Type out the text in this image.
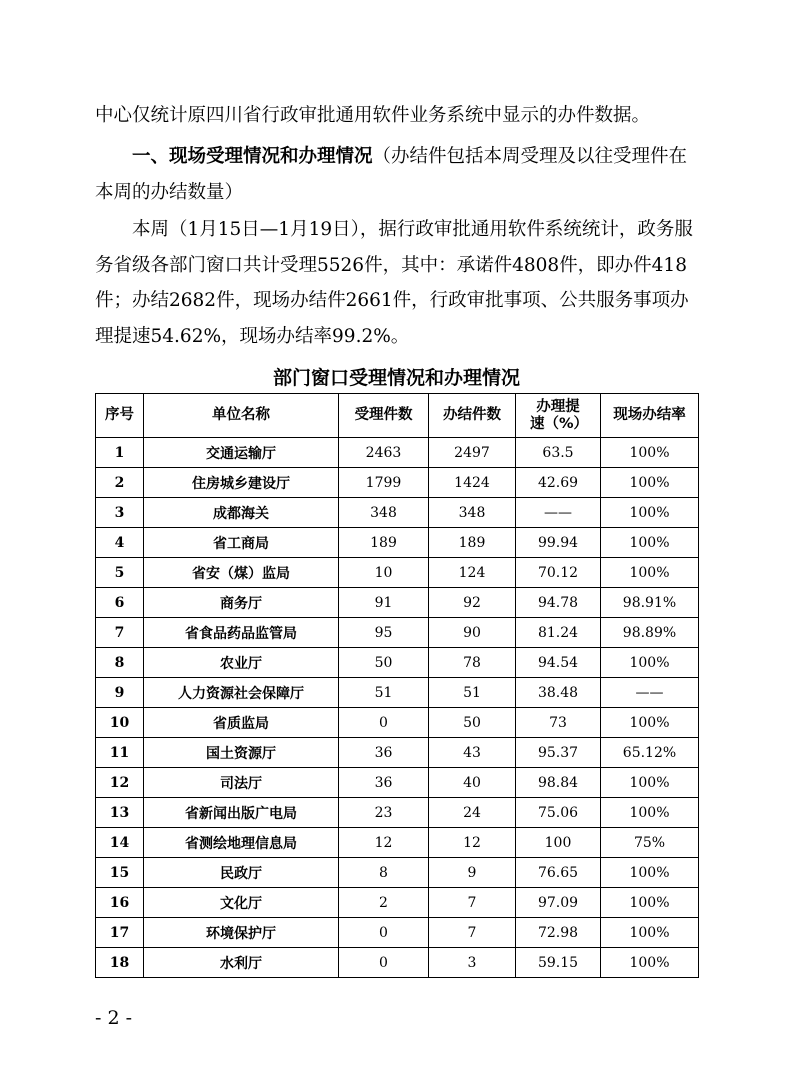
中心仅统计原四川省行政审批通用软件业务系统中显示的办件数据。

一、现场受理情况和办理情况（办结件包括本周受理及以往受理件在本周的办结数量）

本周（1月15日—1月19日），据行政审批通用软件系统统计，政务服务省级各部门窗口共计受理5526件，其中：承诺件4808件，即办件418件；办结2682件，现场办结件2661件，行政审批事项、公共服务事项办理提速54.62%，现场办结率99.2%。

部门窗口受理情况和办理情况
序号	单位名称	受理件数	办结件数	办理提速（%）	现场办结率
1	交通运输厅	2463	2497	63.5	100%
2	住房城乡建设厅	1799	1424	42.69	100%
3	成都海关	348	348	——	100%
4	省工商局	189	189	99.94	100%
5	省安（煤）监局	10	124	70.12	100%
6	商务厅	91	92	94.78	98.91%
7	省食品药品监管局	95	90	81.24	98.89%
8	农业厅	50	78	94.54	100%
9	人力资源社会保障厅	51	51	38.48	——
10	省质监局	0	50	73	100%
11	国土资源厅	36	43	95.37	65.12%
12	司法厅	36	40	98.84	100%
13	省新闻出版广电局	23	24	75.06	100%
14	省测绘地理信息局	12	12	100	75%
15	民政厅	8	9	76.65	100%
16	文化厅	2	7	97.09	100%
17	环境保护厅	0	7	72.98	100%
18	水利厅	0	3	59.15	100%
- 2 -
